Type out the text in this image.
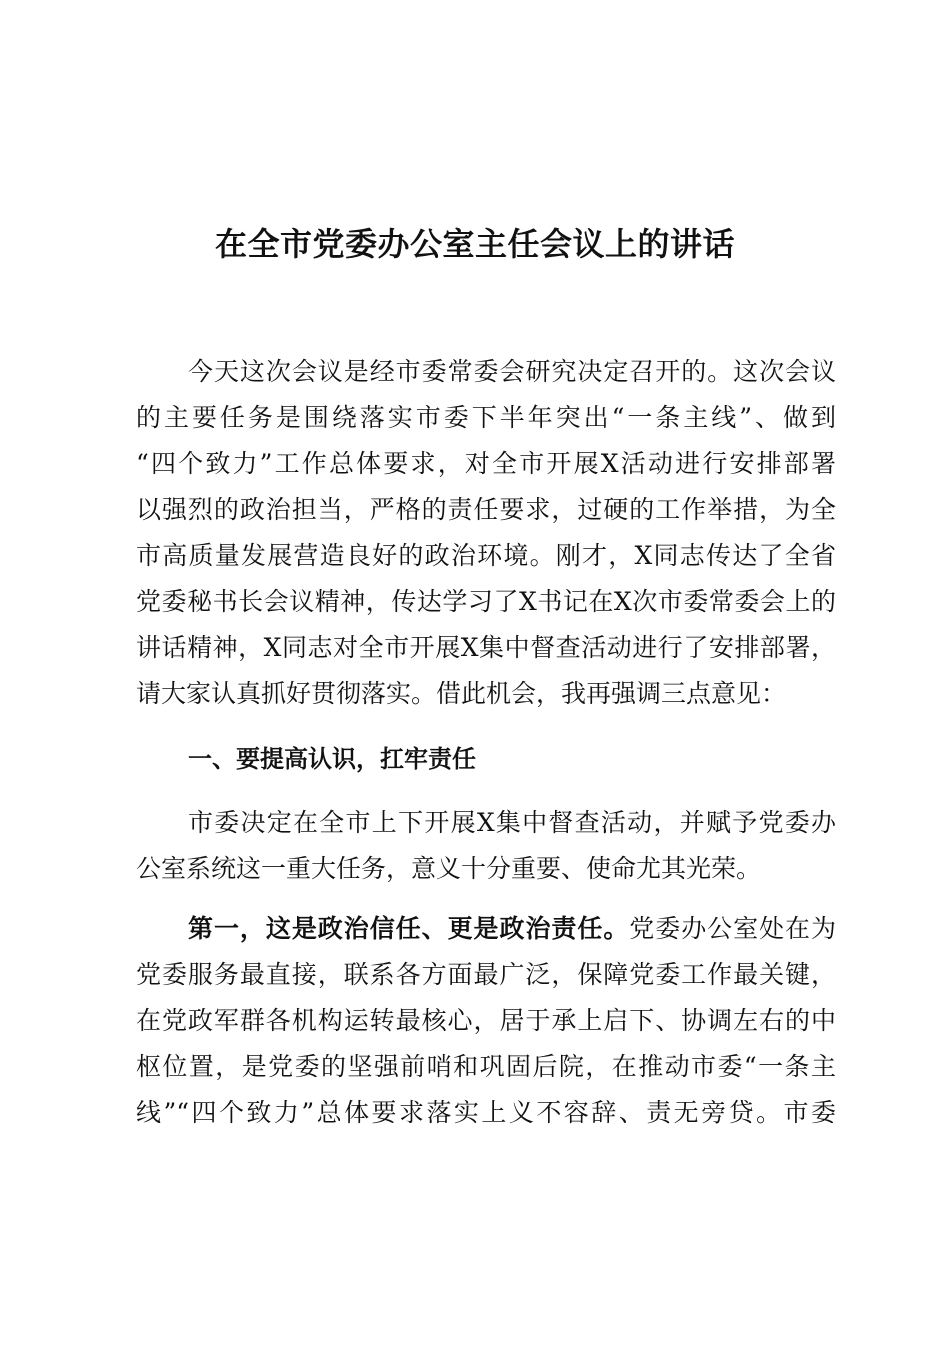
在全市党委办公室主任会议上的讲话
今天这次会议是经市委常委会研究决定召开的。这次会议
的主要任务是围绕落实市委下半年突出“一条主线”、做到
“四个致力”工作总体要求，对全市开展X活动进行安排部署
以强烈的政治担当，严格的责任要求，过硬的工作举措，为全
市高质量发展营造良好的政治环境。刚才，X同志传达了全省
党委秘书长会议精神，传达学习了X书记在X次市委常委会上的
讲话精神，X同志对全市开展X集中督查活动进行了安排部署，
请大家认真抓好贯彻落实。借此机会，我再强调三点意见：
一、要提高认识，扛牢责任
市委决定在全市上下开展X集中督查活动，并赋予党委办
公室系统这一重大任务，意义十分重要、使命尤其光荣。
第一，这是政治信任、更是政治责任。党委办公室处在为
党委服务最直接，联系各方面最广泛，保障党委工作最关键，
在党政军群各机构运转最核心，居于承上启下、协调左右的中
枢位置，是党委的坚强前哨和巩固后院，在推动市委“一条主
线”“四个致力”总体要求落实上义不容辞、责无旁贷。市委
